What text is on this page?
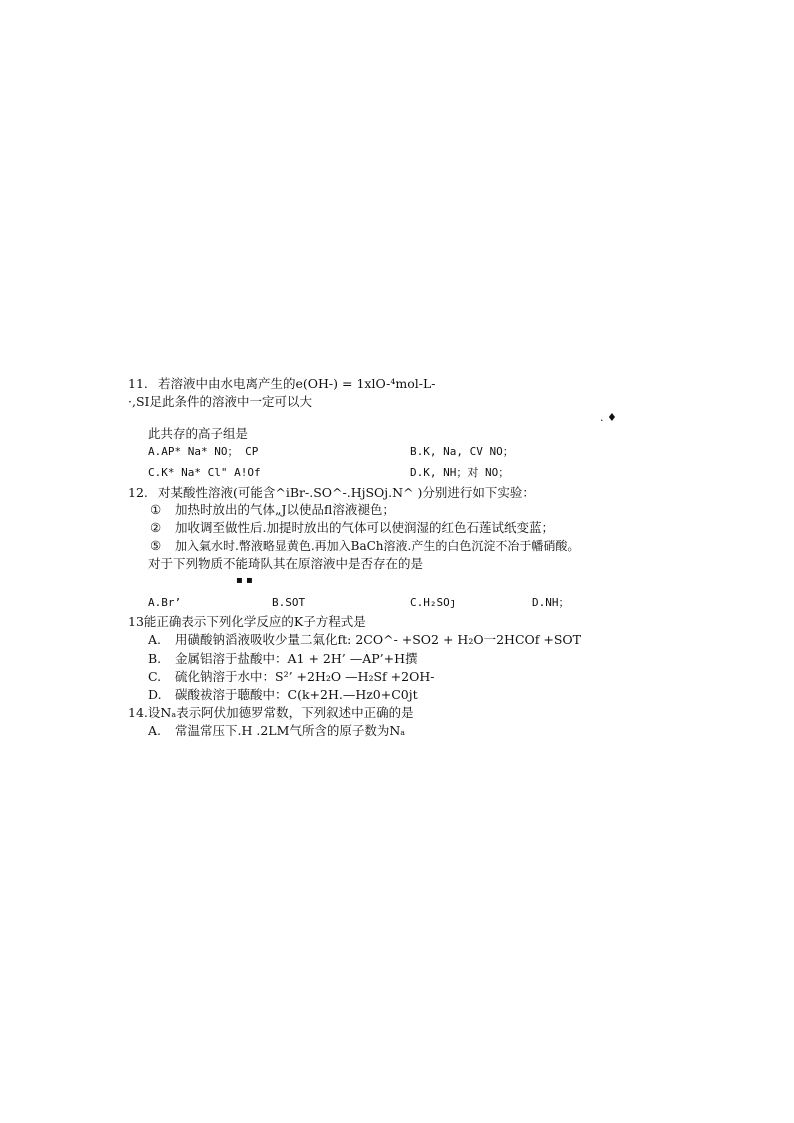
11. 若溶液中由水电离产生的e(OH-) = 1xlO-⁴mol-L-
·,SI足此条件的溶液中一定可以大
. ♦
此共存的高子组是
A.AP* Na* NO； CP	B.K, Na, CV NO；
C.K* Na* Cl" A!Of	D.K, NH；对 NO；
12. 对某酸性溶液(可能含^iBr-.SO^-.HjSOj.N^ )分别进行如下实验：
① 加热时放出的气体„J以使品fl溶液褪色；
② 加收调至做性后.加提时放出的气体可以使润湿的红色石莲试纸变蓝；
⑤ 加入氣水时.幣液略显黄色.再加入BaCh溶液.产生的白色沉淀不冶于幡硝酸。
对于下列物质不能琦队其在原溶液中是否存在的是
▪ ▪
A.Br’	B.SOT	C.H₂SOȷ	D.NH；
13能正确表示下列化学反应的K子方程式是
A. 用磺酸钠滔液吸收少量二氣化ft: 2CO^- +SO2 + H₂O一2HCOf +SOT
B. 金属铝溶于盐酸中：A1 + 2H’ —AP’+H撰
C. 硫化钠溶于水中：S²’ +2H₂O —H₂Sf +2OH-
D. 碳酸祓溶于聴酸中：C(k+2H.—Hz0+C0jt
14.设Nₐ表示阿伏加德罗常数，下列叙述中正确的是
A. 常温常压下.H .2LM气所含的原子数为Nₐ
